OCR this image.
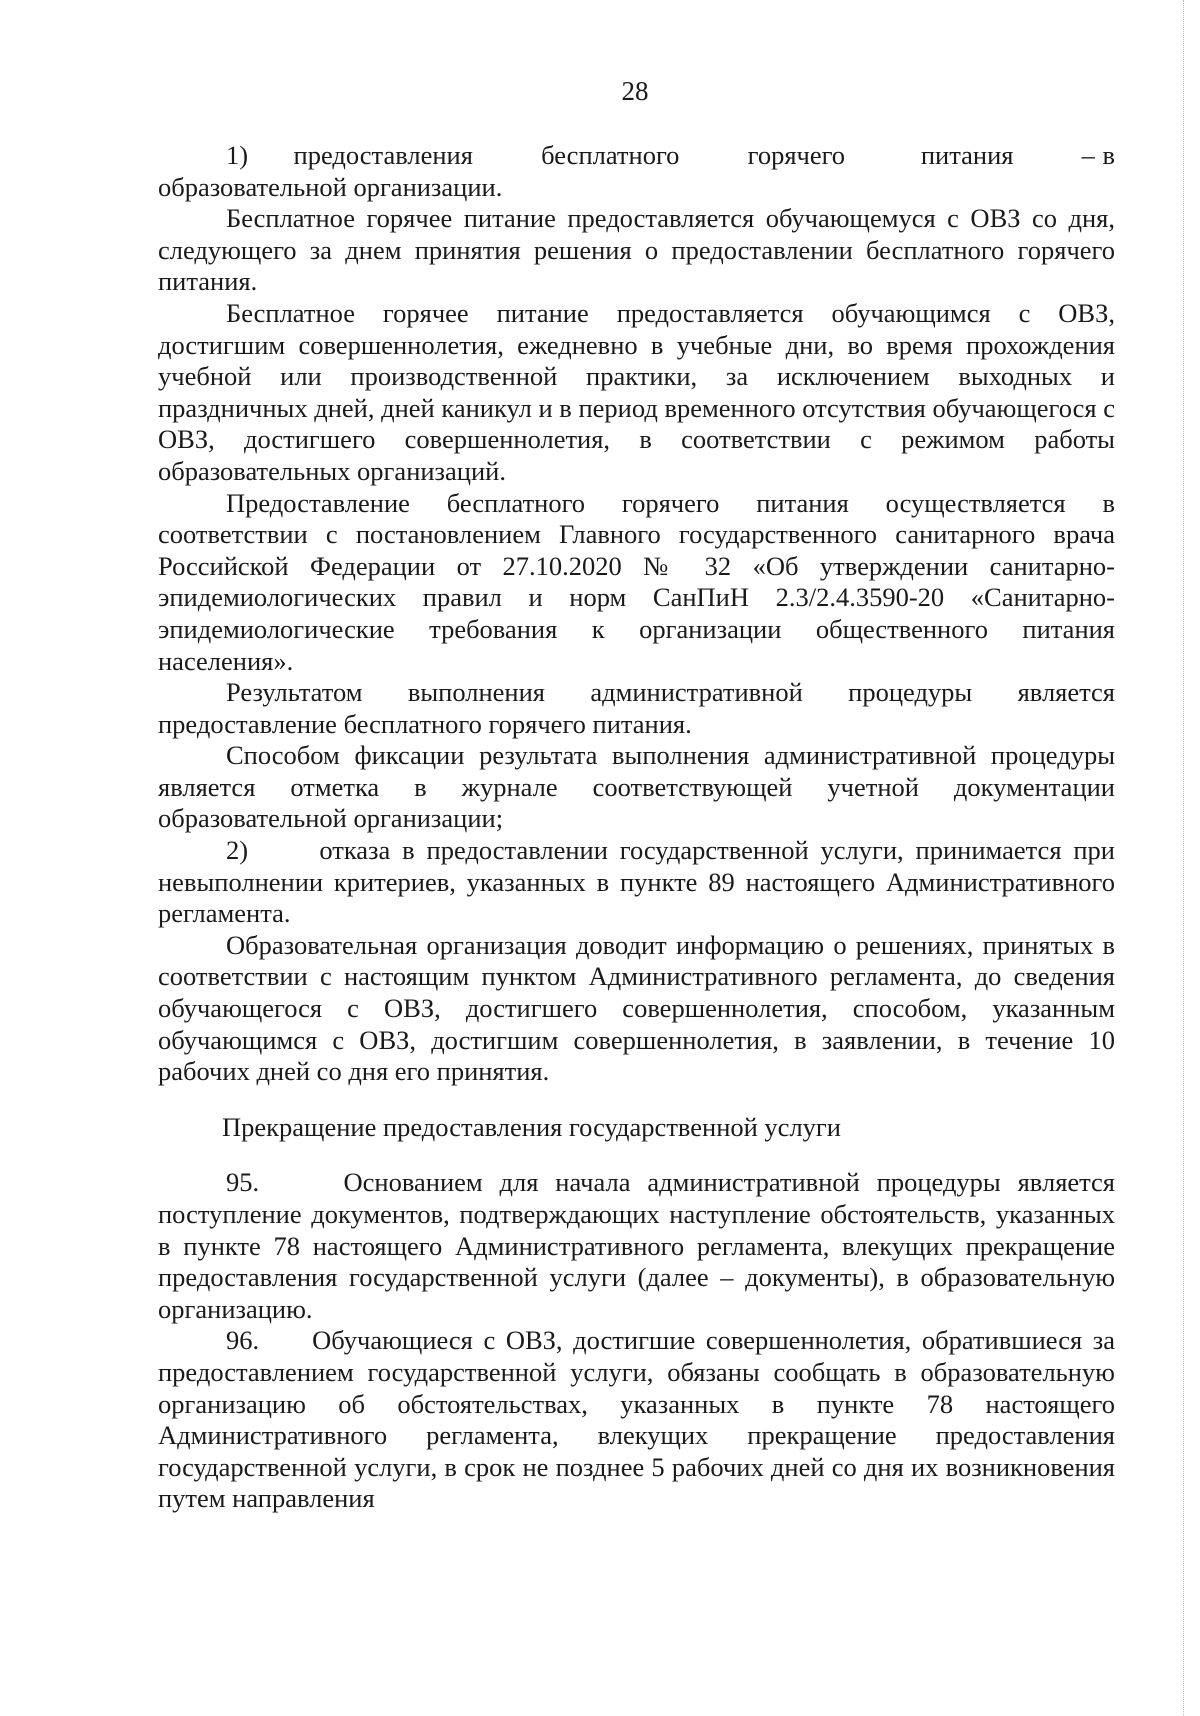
28

1)      предоставления         бесплатного         горячего          питания         – в образовательной организации.

Бесплатное горячее питание предоставляется обучающемуся с ОВЗ со дня, следующего за днем принятия решения о предоставлении бесплатного горячего питания.

Бесплатное горячее питание предоставляется обучающимся с ОВЗ, достигшим совершеннолетия, ежедневно в учебные дни, во время прохождения учебной или производственной практики, за исключением выходных и праздничных дней, дней каникул и в период временного отсутствия обучающегося с ОВЗ, достигшего совершеннолетия, в соответствии с режимом работы образовательных организаций.

Предоставление бесплатного горячего питания осуществляется в соответствии с постановлением Главного государственного санитарного врача Российской Федерации от 27.10.2020 № 32 «Об утверждении санитарно-эпидемиологических правил и норм СанПиН 2.3/2.4.3590-20 «Санитарно-эпидемиологические требования к организации общественного питания населения».

Результатом выполнения административной процедуры является предоставление бесплатного горячего питания.

Способом фиксации результата выполнения административной процедуры является отметка в журнале соответствующей учетной документации образовательной организации;

2)      отказа в предоставлении государственной услуги, принимается при невыполнении критериев, указанных в пункте 89 настоящего Административного регламента.

Образовательная организация доводит информацию о решениях, принятых в соответствии с настоящим пунктом Административного регламента, до сведения обучающегося с ОВЗ, достигшего совершеннолетия, способом, указанным обучающимся с ОВЗ, достигшим совершеннолетия, в заявлении, в течение 10 рабочих дней со дня его принятия.

Прекращение предоставления государственной услуги

95.     Основанием для начала административной процедуры является поступление документов, подтверждающих наступление обстоятельств, указанных в пункте 78 настоящего Административного регламента, влекущих прекращение предоставления государственной услуги (далее – документы), в образовательную организацию.

96.     Обучающиеся с ОВЗ, достигшие совершеннолетия, обратившиеся за предоставлением государственной услуги, обязаны сообщать в образовательную организацию об обстоятельствах, указанных в пункте 78 настоящего Административного регламента, влекущих прекращение предоставления государственной услуги, в срок не позднее 5 рабочих дней со дня их возникновения путем направления
